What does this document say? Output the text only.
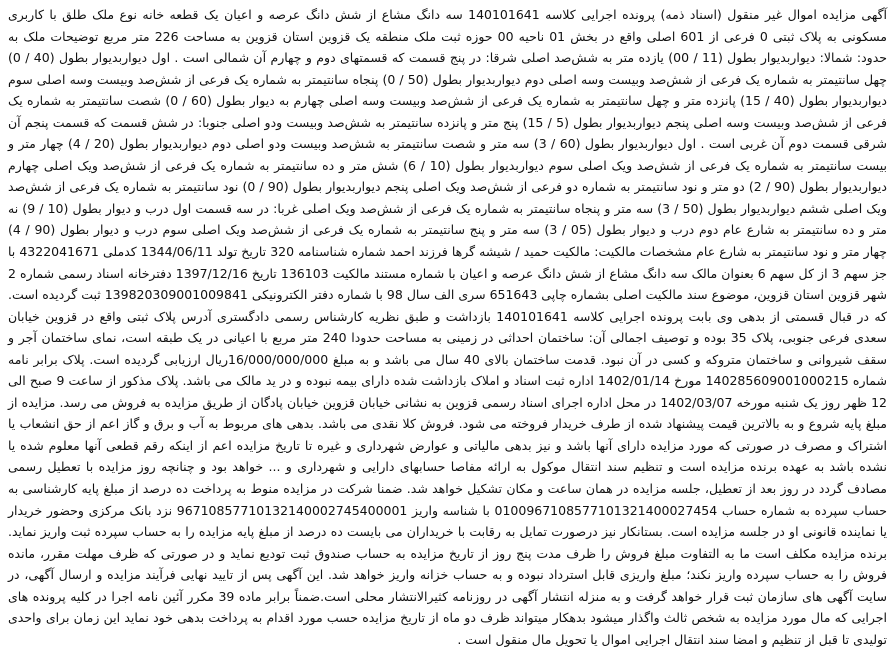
آگهی مزایده اموال غیر منقول (اسناد ذمه) پرونده اجرایی کلاسه 140101641 سه دانگ مشاع از شش دانگ عرصه و اعیان یک قطعه خانه نوع ملک طلق با کاربری مسکونی به پلاک ثبتی 0 فرعی از 601 اصلی واقع در بخش 01 ناحیه 00 حوزه ثبت ملک منطقه یک قزوین استان قزوین به مساحت 226 متر مربع توضیحات ملک به حدود: شمالا: دیواربدیوار بطول (11 / 00) یازده متر به شش‌صد اصلی شرقا: در پنج قسمت که قسمتهای دوم و چهارم آن شمالی است . اول دیواربدیوار بطول (40 / 0) چهل سانتیمتر به شماره یک فرعی از شش‌صد وبیست وسه اصلی دوم دیواربدیوار بطول (50 / 0) پنجاه سانتیمتر به شماره یک فرعی از شش‌صد وبیست وسه اصلی سوم دیواربدیوار بطول (40 / 15) پانزده متر و چهل سانتیمتر به شماره یک فرعی از شش‌صد وبیست وسه اصلی چهارم به دیوار بطول (60 / 0) شصت سانتیمتر به شماره یک فرعی از شش‌صد وبیست وسه اصلی پنجم دیواربدیوار بطول (5 / 15) پنج متر و پانزده سانتیمتر به شش‌صد وبیست ودو اصلی جنوبا: در شش قسمت که قسمت پنجم آن شرقی قسمت دوم آن غربی است . اول دیواربدیوار بطول (60 / 3) سه متر و شصت سانتیمتر به شش‌صد وبیست ودو اصلی دوم دیواربدیوار بطول (20 / 4) چهار متر و بیست سانتیمتر به شماره یک فرعی از شش‌صد ویک اصلی سوم دیواربدیوار بطول (10 / 6) شش متر و ده سانتیمتر به شماره یک فرعی از شش‌صد ویک اصلی چهارم دیواربدیوار بطول (90 / 2) دو متر و نود سانتیمتر به شماره دو فرعی از شش‌صد ویک اصلی پنجم دیواربدیوار بطول (90 / 0) نود سانتیمتر به شماره یک فرعی از شش‌صد ویک اصلی ششم دیواربدیوار بطول (50 / 3) سه متر و پنجاه سانتیمتر به شماره یک فرعی از شش‌صد ویک اصلی غربا: در سه قسمت اول درب و دیوار بطول (10 / 9) نه متر و ده سانتیمتر به شارع عام دوم درب و دیوار بطول (05 / 3) سه متر و پنج سانتیمتر به شماره یک فرعی از شش‌صد ویک اصلی سوم درب و دیوار بطول (90 / 4) چهار متر و نود سانتیمتر به شارع عام مشخصات مالکیت: مالکیت حمید / شیشه گرها فرزند احمد شماره شناسنامه 320 تاریخ تولد 1344/06/11 کدملی 4322041671 با جز سهم 3 از کل سهم 6 بعنوان مالک سه دانگ مشاع از شش دانگ عرصه و اعیان با شماره مستند مالکیت 136103 تاریخ 1397/12/16 دفترخانه اسناد رسمی شماره 2 شهر قزوین استان قزوین، موضوع سند مالکیت اصلی بشماره چاپی 651643 سری الف سال 98 با شماره دفتر الکترونیکی 139820309001009841 ثبت گردیده است. که در قبال قسمتی از بدهی وی بابت پرونده اجرایی کلاسه 140101641 بازداشت و طبق نظریه کارشناس رسمی دادگستری آدرس پلاک ثبتی واقع در قزوین خیابان سعدی فرعی جنوبی، پلاک 35 بوده و توصیف اجمالی آن: ساختمان احداثی در زمینی به مساحت حدودا 240 متر مربع با اعیانی در یک طبقه است، نمای ساختمان آجر و سقف شیروانی و ساختمان متروکه و کسی در آن نبود. قدمت ساختمان بالای 40 سال می باشد و به مبلغ 16/000/000/000ریال ارزیابی گردیده است. پلاک برابر نامه شماره 140285609001000215 مورخ 1402/01/14 اداره ثبت اسناد و املاک بازداشت شده دارای بیمه نبوده و در ید مالک می باشد. پلاک مذکور از ساعت 9 صبح الی 12 ظهر روز یک شنبه مورخه 1402/03/07 در محل اداره اجرای اسناد رسمی قزوین به نشانی خیابان قزوین خیابان پادگان از طریق مزایده به فروش می رسد. مزایده از مبلغ پایه شروع و به بالاترین قیمت پیشنهاد شده از طرف خریدار فروخته می شود. فروش کلا نقدی می باشد. بدهی های مربوط به آب و برق و گاز اعم از حق انشعاب یا اشتراک و مصرف در صورتی که مورد مزایده دارای آنها باشد و نیز بدهی مالیاتی و عوارض شهرداری و غیره تا تاریخ مزایده اعم از اینکه رقم قطعی آنها معلوم شده یا نشده باشد به عهده برنده مزایده است و تنظیم سند انتقال موکول به ارائه مفاصا حسابهای دارایی و شهرداری و ... خواهد بود و چنانچه روز مزایده با تعطیل رسمی مصادف گردد در روز بعد از تعطیل، جلسه مزایده در همان ساعت و مکان تشکیل خواهد شد. ضمنا شرکت در مزایده منوط به پرداخت ده درصد از مبلغ پایه کارشناسی به حساب سپرده به شماره حساب 0100967108577101321400027454 با شناسه واریز 96710857710132140002745400001 نزد بانک مرکزی وحضور خریدار یا نماینده قانونی او در جلسه مزایده است. بستانکار نیز درصورت تمایل به رقابت با خریداران می بایست ده درصد از مبلغ پایه مزایده را به حساب سپرده ثبت واریز نماید. برنده مزایده مکلف است ما به التفاوت مبلغ فروش را ظرف مدت پنج روز از تاریخ مزایده به حساب صندوق ثبت تودیع نماید و در صورتی که ظرف مهلت مقرر، مانده فروش را به حساب سپرده واریز نکند؛ مبلغ واریزی قابل استرداد نبوده و به حساب خزانه واریز خواهد شد. این آگهی پس از تایید نهایی فرآیند مزایده و ارسال آگهی، در سایت آگهی های سازمان ثبت قرار خواهد گرفت و به منزله انتشار آگهی در روزنامه کثیرالانتشار محلی است.ضمناً برابر ماده 39 مکرر آئین نامه اجرا در کلیه پرونده های اجرایی که مال مورد مزایده به شخص ثالث واگذار میشود بدهکار میتواند ظرف دو ماه از تاریخ مزایده حسب مورد اقدام به پرداخت بدهی خود نماید این زمان برای واحدی تولیدی تا قبل از تنظیم و امضا سند انتقال اجرایی اموال یا تحویل مال منقول است .
